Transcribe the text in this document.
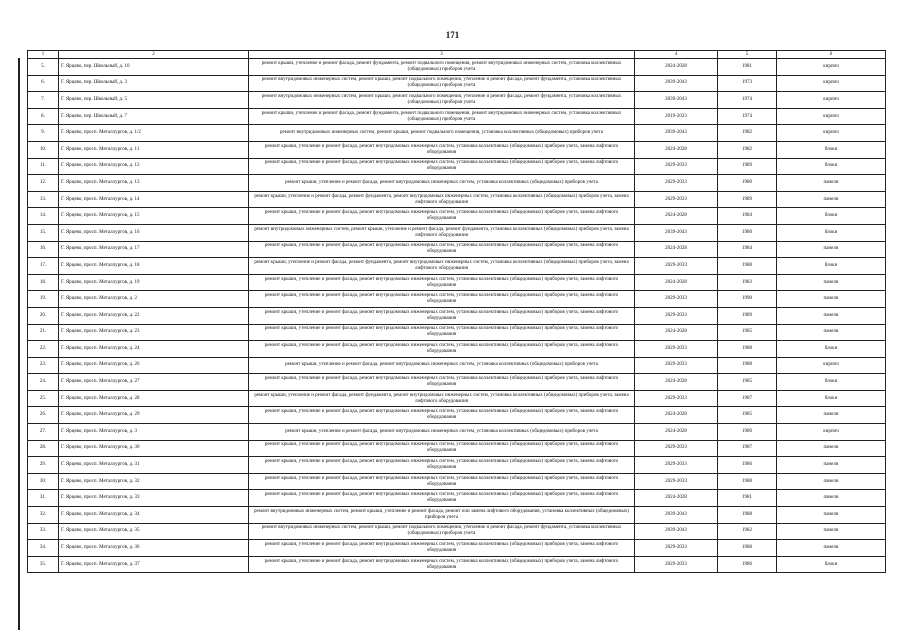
171
1	2	3	4	5	6
5.	Г. Ярцево, пер. Школьный, д. 10	ремонт крыши, утепление и ремонт фасада, ремонт фундамента, ремонт подвального помещения, ремонт внутридомовых инженерных систем, установка коллективных (общедомовых) приборов учета	2024-2028	1981	кирпич
6.	Г. Ярцево, пер. Школьный, д. 3	ремонт внутридомовых инженерных систем, ремонт крыши, ремонт подвального помещения, утепление и ремонт фасада, ремонт фундамента, установка коллективных (общедомовых) приборов учета	2039-2043	1973	кирпич
7.	Г. Ярцево, пер. Школьный, д. 5	ремонт внутридомовых инженерных систем, ремонт крыши, ремонт подвального помещения, утепление и ремонт фасада, ремонт фундамента, установка коллективных (общедомовых) приборов учета	2039-2043	1974	кирпич
8.	Г. Ярцево, пер. Школьный, д. 7	ремонт крыши, утепление и ремонт фасада, ремонт фундамента, ремонт подвального помещения, ремонт внутридомовых инженерных систем, установка коллективных (общедомовых) приборов учета	2019-2023	1974	кирпич
9.	Г. Ярцево, просп. Металлургов, д. 1/2	ремонт внутридомовых инженерных систем, ремонт крыши, ремонт подвального помещения, установка коллективных (общедомовых) приборов учета	2039-2043	1982	кирпич
10.	Г. Ярцево, просп. Металлургов, д. 11	ремонт крыши, утепление и ремонт фасада, ремонт внутридомовых инженерных систем, установка коллективных (общедомовых) приборов учета, замена лифтового оборудования	2024-2028	1982	блоки
11.	Г. Ярцево, просп. Металлургов, д. 12	ремонт крыши, утепление и ремонт фасада, ремонт внутридомовых инженерных систем, установка коллективных (общедомовых) приборов учета, замена лифтового оборудования	2029-2033	1989	блоки
12.	Г. Ярцево, просп. Металлургов, д. 13	ремонт крыши, утепление и ремонт фасада, ремонт внутридомовых инженерных систем, установка коллективных (общедомовых) приборов учета	2029-2033	1980	панели
13.	Г. Ярцево, просп. Металлургов, д. 14	ремонт крыши, утепление и ремонт фасада, ремонт фундамента, ремонт внутридомовых инженерных систем, установка коллективных (общедомовых) приборов учета, замена лифтового оборудования	2029-2033	1989	панели
14.	Г. Ярцево, просп. Металлургов, д. 15	ремонт крыши, утепление и ремонт фасада, ремонт внутридомовых инженерных систем, установка коллективных (общедомовых) приборов учета, замена лифтового оборудования	2024-2028	1984	блоки
15.	Г. Ярцево, просп. Металлургов, д. 16	ремонт внутридомовых инженерных систем, ремонт крыши, утепление и ремонт фасада, ремонт фундамента, установка коллективных (общедомовых) приборов учета, замена лифтового оборудования	2039-2043	1980	блоки
16.	Г. Ярцево, просп. Металлургов, д. 17	ремонт крыши, утепление и ремонт фасада, ремонт внутридомовых инженерных систем, установка коллективных (общедомовых) приборов учета, замена лифтового оборудования	2024-2028	1984	панели
17.	Г. Ярцево, просп. Металлургов, д. 18	ремонт крыши, утепление и ремонт фасада, ремонт фундамента, ремонт внутридомовых инженерных систем, установка коллективных (общедомовых) приборов учета, замена лифтового оборудования	2029-2033	1988	блоки
18.	Г. Ярцево, просп. Металлургов, д. 19	ремонт крыши, утепление и ремонт фасада, ремонт внутридомовых инженерных систем, установка коллективных (общедомовых) приборов учета, замена лифтового оборудования	2024-2028	1983	панели
19.	Г. Ярцево, просп. Металлургов, д. 2	ремонт крыши, утепление и ремонт фасада, ремонт внутридомовых инженерных систем, установка коллективных (общедомовых) приборов учета, замена лифтового оборудования	2029-2033	1990	панели
20.	Г. Ярцево, просп. Металлургов, д. 22	ремонт крыши, утепление и ремонт фасада, ремонт внутридомовых инженерных систем, установка коллективных (общедомовых) приборов учета, замена лифтового оборудования	2029-2033	1989	панели
21.	Г. Ярцево, просп. Металлургов, д. 23	ремонт крыши, утепление и ремонт фасада, ремонт внутридомовых инженерных систем, установка коллективных (общедомовых) приборов учета, замена лифтового оборудования	2024-2028	1985	панели
22.	Г. Ярцево, просп. Металлургов, д. 24	ремонт крыши, утепление и ремонт фасада, ремонт внутридомовых инженерных систем, установка коллективных (общедомовых) приборов учета, замена лифтового оборудования	2029-2033	1988	блоки
23.	Г. Ярцево, просп. Металлургов, д. 26	ремонт крыши, утепление и ремонт фасада, ремонт внутридомовых инженерных систем, установка коллективных (общедомовых) приборов учета	2029-2033	1988	кирпич
24.	Г. Ярцево, просп. Металлургов, д. 27	ремонт крыши, утепление и ремонт фасада, ремонт внутридомовых инженерных систем, установка коллективных (общедомовых) приборов учета, замена лифтового оборудования	2024-2028	1985	блоки
25.	Г. Ярцево, просп. Металлургов, д. 28	ремонт крыши, утепление и ремонт фасада, ремонт фундамента, ремонт внутридомовых инженерных систем, установка коллективных (общедомовых) приборов учета, замена лифтового оборудования	2029-2033	1987	блоки
26.	Г. Ярцево, просп. Металлургов, д. 29	ремонт крыши, утепление и ремонт фасада, ремонт внутридомовых инженерных систем, установка коллективных (общедомовых) приборов учета, замена лифтового оборудования	2024-2028	1985	панели
27.	Г. Ярцево, просп. Металлургов, д. 3	ремонт крыши, утепление и ремонт фасада, ремонт внутридомовых инженерных систем, установка коллективных (общедомовых) приборов учета	2024-2028	1980	кирпич
28.	Г. Ярцево, просп. Металлургов, д. 30	ремонт крыши, утепление и ремонт фасада, ремонт внутридомовых инженерных систем, установка коллективных (общедомовых) приборов учета, замена лифтового оборудования	2029-2033	1987	панели
29.	Г. Ярцево, просп. Металлургов, д. 31	ремонт крыши, утепление и ремонт фасада, ремонт внутридомовых инженерных систем, установка коллективных (общедомовых) приборов учета, замена лифтового оборудования	2029-2033	1986	панели
30.	Г. Ярцево, просп. Металлургов, д. 32	ремонт крыши, утепление и ремонт фасада, ремонт внутридомовых инженерных систем, установка коллективных (общедомовых) приборов учета, замена лифтового оборудования	2029-2033	1988	панели
31.	Г. Ярцево, просп. Металлургов, д. 33	ремонт крыши, утепление и ремонт фасада, ремонт внутридомовых инженерных систем, установка коллективных (общедомовых) приборов учета, замена лифтового оборудования	2024-2028	1981	панели
32.	Г. Ярцево, просп. Металлургов, д. 34	ремонт внутридомовых инженерных систем, ремонт крыши, утепление и ремонт фасада, ремонт или замена лифтового оборудования, установка коллективных (общедомовых) приборов учета	2039-2043	1988	панели
33.	Г. Ярцево, просп. Металлургов, д. 35	ремонт внутридомовых инженерных систем, ремонт крыши, ремонт подвального помещения, утепление и ремонт фасада, ремонт фундамента, установка коллективных (общедомовых) приборов учета	2039-2043	1982	панели
34.	Г. Ярцево, просп. Металлургов, д. 36	ремонт крыши, утепление и ремонт фасада, ремонт внутридомовых инженерных систем, установка коллективных (общедомовых) приборов учета, замена лифтового оборудования	2029-2033	1988	панели
35.	Г. Ярцево, просп. Металлургов, д. 37	ремонт крыши, утепление и ремонт фасада, ремонт внутридомовых инженерных систем, установка коллективных (общедомовых) приборов учета, замена лифтового оборудования	2029-2033	1986	блоки
